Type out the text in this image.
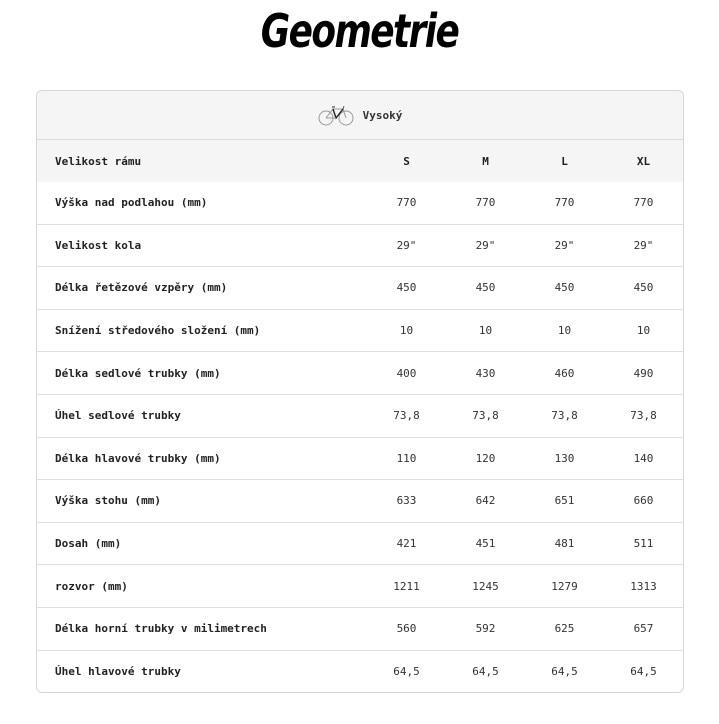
Geometrie
Vysoký
Velikost rámu	S	M	L	XL
Výška nad podlahou (mm)	770	770	770	770
Velikost kola	29"	29"	29"	29"
Délka řetězové vzpěry (mm)	450	450	450	450
Snížení středového složení (mm)	10	10	10	10
Délka sedlové trubky (mm)	400	430	460	490
Úhel sedlové trubky	73,8	73,8	73,8	73,8
Délka hlavové trubky (mm)	110	120	130	140
Výška stohu (mm)	633	642	651	660
Dosah (mm)	421	451	481	511
rozvor (mm)	1211	1245	1279	1313
Délka horní trubky v milimetrech	560	592	625	657
Úhel hlavové trubky	64,5	64,5	64,5	64,5
